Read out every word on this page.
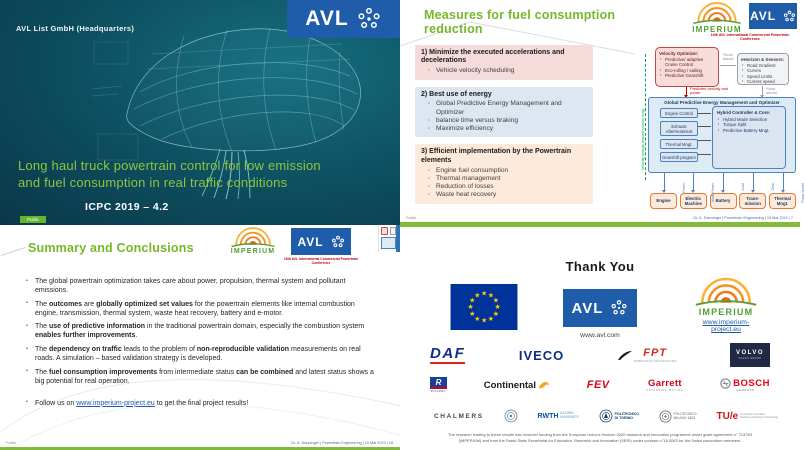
AVL List GmbH (Headquarters)	AVL
Long haul truck powertrain control for low emission
and fuel consumption in real traffic conditions
ICPC 2019 – 4.2
Public
Measures for fuel consumption reduction	IMPERIUM
AVL
10th AVL International Commercial Powertrain Conference
1) Minimize the executed accelerations and decelerations
· Vehicle velocity scheduling
2) Best use of energy
· Global Predictive Energy Management and Optimizer
· balance time versus braking
· Maximize efficiency
3) Efficient implementation by the Powertrain elements
· Engine fuel consumption
· Thermal management
· Reduction of losses
· Waste heat recovery
Velocity change request (closed loop)
Velocity Optimizer:
• Predictive/ adaptive Cruise Control
• Eco-rolling / sailing
• Predictive Gearshift
Road ahead	eHorizon & Sensors:
• Road Gradient
• Curves
• Speed Limits
• Current speed
Predicted velocity and power
Road ahead
Global Predictive Energy Management and Optimizer
Engine Control
Exhaust Aftertreatment
Thermal Mngt.
Gearshift program
Hybrid Controller & Core:
• Hybrid Mode Selection
• Torque Split
• Predictive Battery Mngt.
Power
Engine	Mode Power
Electric Machine
Load
Battery
Gear
Trans- mission
Pump Speed
Thermal Mngt.
Public	Dr. A. Danninger | Powertrain Engineering | 15 Mai 2019 | 7
Summary and Conclusions	IMPERIUM
AVL
10th AVL International Commercial Powertrain Conference
• The global powertrain optimization takes care about power, propulsion, thermal system and pollutant emissions.
• The outcomes are globally optimized set values for the powertrain elements like internal combustion engine, transmission, thermal system, waste heat recovery, battery and e-motor.
• The use of predictive information in the traditional powertrain domain, especially the combustion system enables further improvements.
• The dependency on traffic leads to the problem of non-reproducible validation measurements on real roads. A simulation – based validation strategy is developed.
• The fuel consumption improvements from intermediate status can be combined and latest status shows a big potential for real operation.
• Follow us on www.imperium-project.eu to get the final project results!
Public	Dr. A. Danninger | Powertrain Engineering | 15 Mai 2019 | 18
Thank You
★ ★
★
★
★
★
★
★
★
★
★
★
AVL
www.avl.com
IMPERIUM
www.imperium-project.eu
DAF	IVECO	FPT
POWERTRAIN TECHNOLOGIES
VOLVO
VOLVO GROUP
R
RICARDO
Continental	FEV	Garrett
ADVANCING MOTION
BOSCH
Invented for life
CHALMERS	RWTH AACHEN
UNIVERSITY
POLITECNICO
DI TORINO
POLITECNICO
MILANO 1863 TU/e Technische Universiteit
Eindhoven University of Technology
The research leading to these results has received funding from the European Union's Horizon 2020 research and innovation programme under grant agreement n° 713783
(IMPERIUM) and from the Swiss State Secretariat for Education, Research and Innovation (SERI) under contract n°16.0063 for the Swiss consortium members.
